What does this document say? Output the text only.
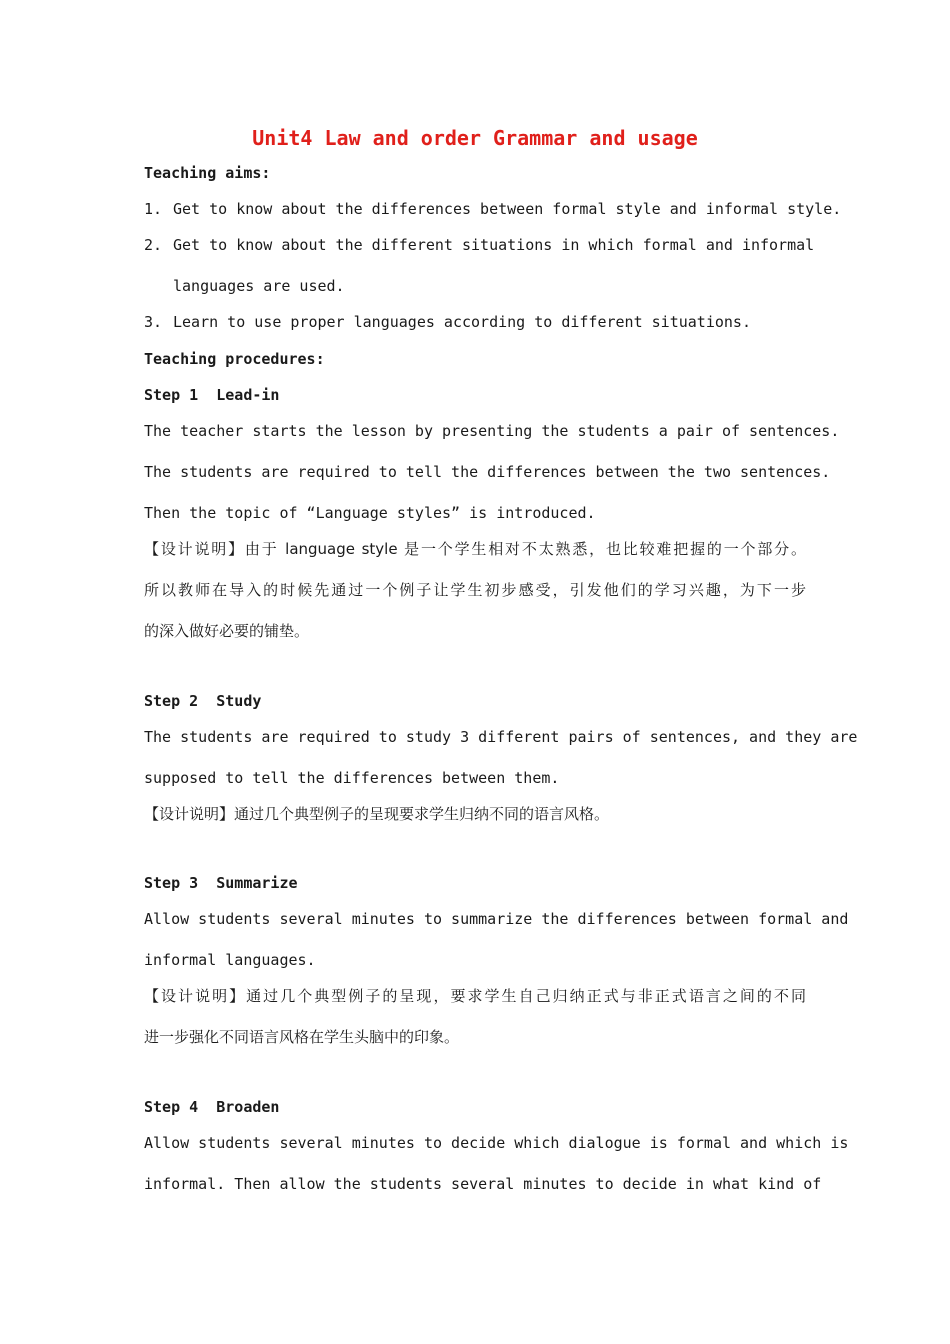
Unit4 Law and order Grammar and usage
Teaching aims:
1. Get to know about the differences between formal style and informal style.
2. Get to know about the different situations in which formal and informal
languages are used.
3. Learn to use proper languages according to different situations.
Teaching procedures:
Step 1  Lead-in
The teacher starts the lesson by presenting the students a pair of sentences.
The students are required to tell the differences between the two sentences.
Then the topic of “Language styles” is introduced.
【设计说明】由于 language style 是一个学生相对不太熟悉，也比较难把握的一个部分。
所以教师在导入的时候先通过一个例子让学生初步感受，引发他们的学习兴趣，为下一步
的深入做好必要的铺垫。
Step 2  Study
The students are required to study 3 different pairs of sentences, and they are
supposed to tell the differences between them.
【设计说明】通过几个典型例子的呈现要求学生归纳不同的语言风格。
Step 3  Summarize
Allow students several minutes to summarize the differences between formal and
informal languages.
【设计说明】通过几个典型例子的呈现，要求学生自己归纳正式与非正式语言之间的不同
进一步强化不同语言风格在学生头脑中的印象。
Step 4  Broaden
Allow students several minutes to decide which dialogue is formal and which is
informal. Then allow the students several minutes to decide in what kind of
